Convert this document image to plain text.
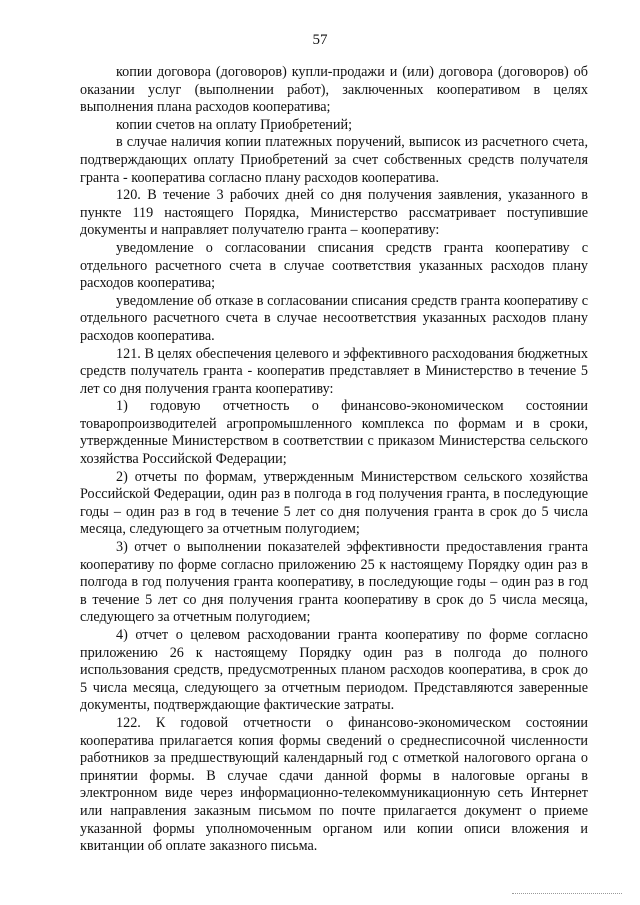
57

копии договора (договоров) купли-продажи и (или) договора (договоров) об оказании услуг (выполнении работ), заключенных кооперативом в целях выполнения плана расходов кооператива;

копии счетов на оплату Приобретений;

в случае наличия копии платежных поручений, выписок из расчетного счета, подтверждающих оплату Приобретений за счет собственных средств получателя гранта - кооператива согласно плану расходов кооператива.

120. В течение 3 рабочих дней со дня получения заявления, указанного в пункте 119 настоящего Порядка, Министерство рассматривает поступившие документы и направляет получателю гранта – кооперативу:

уведомление о согласовании списания средств гранта кооперативу с отдельного расчетного счета в случае соответствия указанных расходов плану расходов кооператива;

уведомление об отказе в согласовании списания средств гранта кооперативу с отдельного расчетного счета в случае несоответствия указанных расходов плану расходов кооператива.

121. В целях обеспечения целевого и эффективного расходования бюджетных средств получатель гранта - кооператив представляет в Министерство в течение 5 лет со дня получения гранта кооперативу:

1) годовую отчетность о финансово-экономическом состоянии товаропроизводителей агропромышленного комплекса по формам и в сроки, утвержденные Министерством в соответствии с приказом Министерства сельского хозяйства Российской Федерации;

2) отчеты по формам, утвержденным Министерством сельского хозяйства Российской Федерации, один раз в полгода в год получения гранта, в последующие годы – один раз в год в течение 5 лет со дня получения гранта в срок до 5 числа месяца, следующего за отчетным полугодием;

3) отчет о выполнении показателей эффективности предоставления гранта кооперативу по форме согласно приложению 25 к настоящему Порядку один раз в полгода в год получения гранта кооперативу, в последующие годы – один раз в год в течение 5 лет со дня получения гранта кооперативу в срок до 5 числа месяца, следующего за отчетным полугодием;

4) отчет о целевом расходовании гранта кооперативу по форме согласно приложению 26 к настоящему Порядку один раз в полгода до полного использования средств, предусмотренных планом расходов кооператива, в срок до 5 числа месяца, следующего за отчетным периодом. Представляются заверенные документы, подтверждающие фактические затраты.

122. К годовой отчетности о финансово-экономическом состоянии кооператива прилагается копия формы сведений о среднесписочной численности работников за предшествующий календарный год с отметкой налогового органа о принятии формы. В случае сдачи данной формы в налоговые органы в электронном виде через информационно-телекоммуникационную сеть Интернет или направления заказным письмом по почте прилагается документ о приеме указанной формы уполномоченным органом или копии описи вложения и квитанции об оплате заказного письма.
